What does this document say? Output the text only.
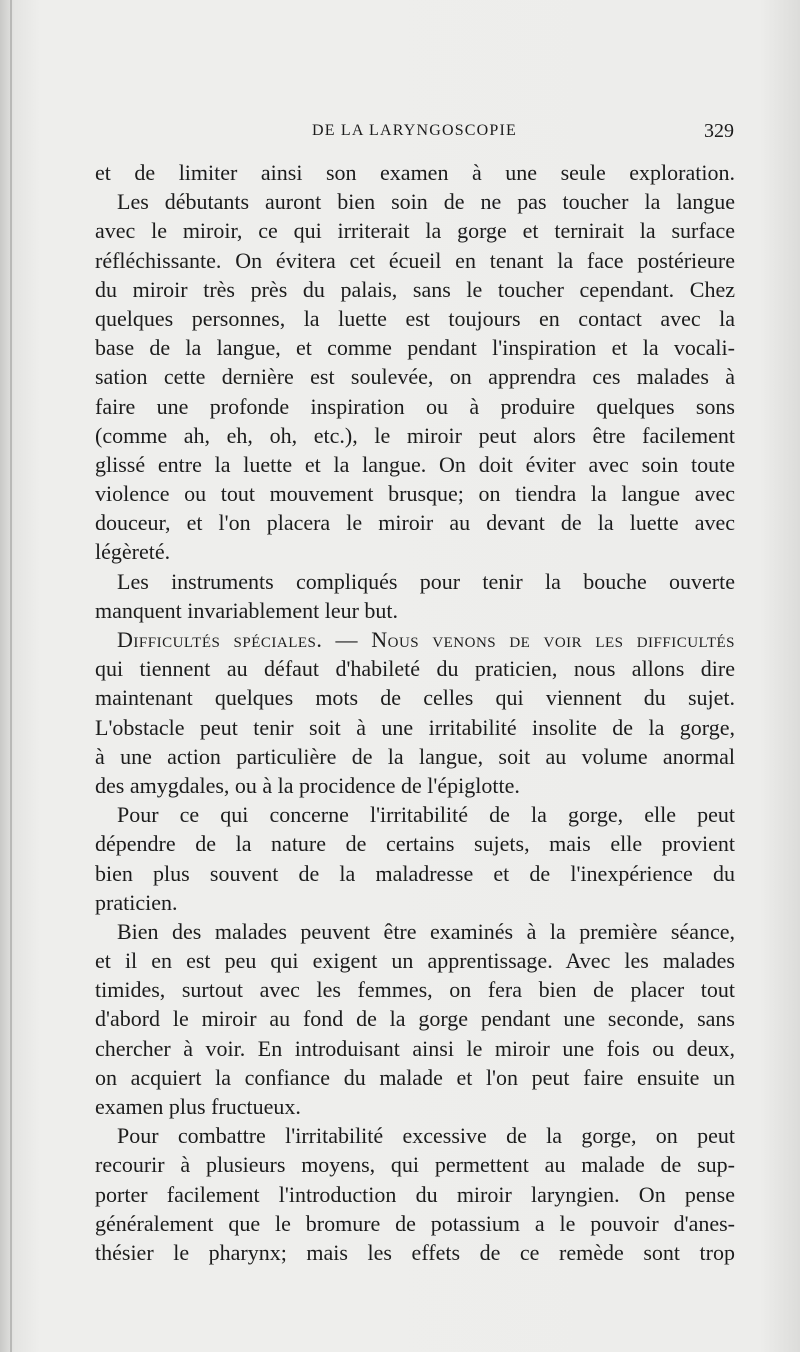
DE LA LARYNGOSCOPIE	329
et de limiter ainsi son examen à une seule exploration.
Les débutants auront bien soin de ne pas toucher la langue
avec le miroir, ce qui irriterait la gorge et ternirait la surface
réfléchissante. On évitera cet écueil en tenant la face postérieure
du miroir très près du palais, sans le toucher cependant. Chez
quelques personnes, la luette est toujours en contact avec la
base de la langue, et comme pendant l'inspiration et la vocali-
sation cette dernière est soulevée, on apprendra ces malades à
faire une profonde inspiration ou à produire quelques sons
(comme ah, eh, oh, etc.), le miroir peut alors être facilement
glissé entre la luette et la langue. On doit éviter avec soin toute
violence ou tout mouvement brusque; on tiendra la langue avec
douceur, et l'on placera le miroir au devant de la luette avec
légèreté.
Les instruments compliqués pour tenir la bouche ouverte
manquent invariablement leur but.
Difficultés spéciales. — Nous venons de voir les difficultés
qui tiennent au défaut d'habileté du praticien, nous allons dire
maintenant quelques mots de celles qui viennent du sujet.
L'obstacle peut tenir soit à une irritabilité insolite de la gorge,
à une action particulière de la langue, soit au volume anormal
des amygdales, ou à la procidence de l'épiglotte.
Pour ce qui concerne l'irritabilité de la gorge, elle peut
dépendre de la nature de certains sujets, mais elle provient
bien plus souvent de la maladresse et de l'inexpérience du
praticien.
Bien des malades peuvent être examinés à la première séance,
et il en est peu qui exigent un apprentissage. Avec les malades
timides, surtout avec les femmes, on fera bien de placer tout
d'abord le miroir au fond de la gorge pendant une seconde, sans
chercher à voir. En introduisant ainsi le miroir une fois ou deux,
on acquiert la confiance du malade et l'on peut faire ensuite un
examen plus fructueux.
Pour combattre l'irritabilité excessive de la gorge, on peut
recourir à plusieurs moyens, qui permettent au malade de sup-
porter facilement l'introduction du miroir laryngien. On pense
généralement que le bromure de potassium a le pouvoir d'anes-
thésier le pharynx; mais les effets de ce remède sont trop
